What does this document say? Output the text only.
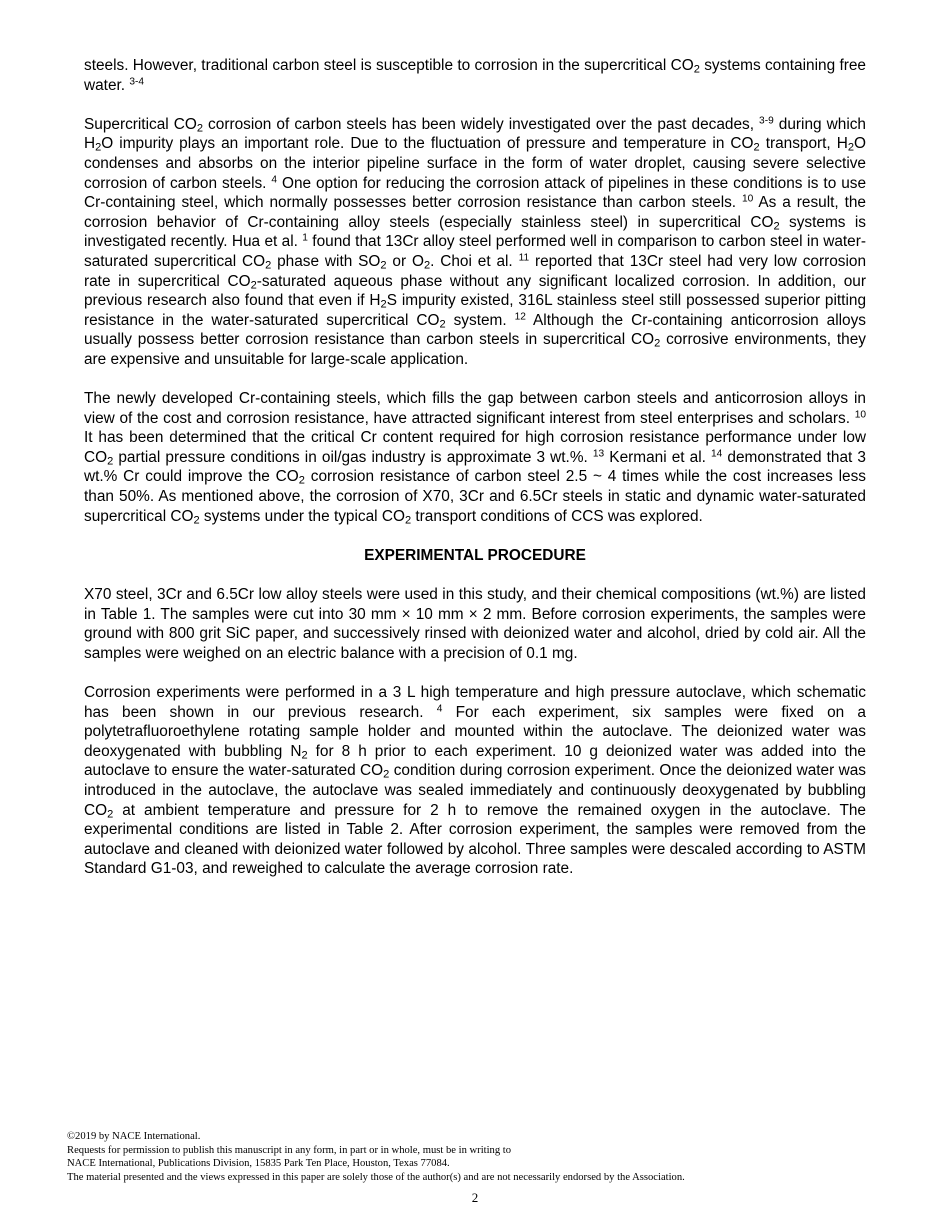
steels. However, traditional carbon steel is susceptible to corrosion in the supercritical $CO_2$ systems containing free water. $^{3-4}$

Supercritical $CO_2$ corrosion of carbon steels has been widely investigated over the past decades, $^{3-9}$ during which $H_2O$ impurity plays an important role. Due to the fluctuation of pressure and temperature in $CO_2$ transport, $H_2O$ condenses and absorbs on the interior pipeline surface in the form of water droplet, causing severe selective corrosion of carbon steels. $^4$ One option for reducing the corrosion attack of pipelines in these conditions is to use Cr-containing steel, which normally possesses better corrosion resistance than carbon steels. $^{10}$ As a result, the corrosion behavior of Cr-containing alloy steels (especially stainless steel) in supercritical $CO_2$ systems is investigated recently. Hua et al. $^1$ found that 13Cr alloy steel performed well in comparison to carbon steel in water-saturated supercritical $CO_2$ phase with $SO_2$ or $O_2$. Choi et al. $^{11}$ reported that 13Cr steel had very low corrosion rate in supercritical $CO_2$-saturated aqueous phase without any significant localized corrosion. In addition, our previous research also found that even if $H_2S$ impurity existed, 316L stainless steel still possessed superior pitting resistance in the water-saturated supercritical $CO_2$ system. $^{12}$ Although the Cr-containing anticorrosion alloys usually possess better corrosion resistance than carbon steels in supercritical $CO_2$ corrosive environments, they are expensive and unsuitable for large-scale application.

The newly developed Cr-containing steels, which fills the gap between carbon steels and anticorrosion alloys in view of the cost and corrosion resistance, have attracted significant interest from steel enterprises and scholars. $^{10}$ It has been determined that the critical Cr content required for high corrosion resistance performance under low $CO_2$ partial pressure conditions in oil/gas industry is approximate 3 wt.%. $^{13}$ Kermani et al. $^{14}$ demonstrated that 3 wt.% Cr could improve the $CO_2$ corrosion resistance of carbon steel 2.5 ~ 4 times while the cost increases less than 50%. As mentioned above, the corrosion of X70, 3Cr and 6.5Cr steels in static and dynamic water-saturated supercritical $CO_2$ systems under the typical $CO_2$ transport conditions of CCS was explored.

EXPERIMENTAL PROCEDURE

X70 steel, 3Cr and 6.5Cr low alloy steels were used in this study, and their chemical compositions (wt.%) are listed in Table 1. The samples were cut into 30 mm × 10 mm × 2 mm. Before corrosion experiments, the samples were ground with 800 grit SiC paper, and successively rinsed with deionized water and alcohol, dried by cold air. All the samples were weighed on an electric balance with a precision of 0.1 mg.

Corrosion experiments were performed in a 3 L high temperature and high pressure autoclave, which schematic has been shown in our previous research. $^4$ For each experiment, six samples were fixed on a polytetrafluoroethylene rotating sample holder and mounted within the autoclave. The deionized water was deoxygenated with bubbling $N_2$ for 8 h prior to each experiment. 10 g deionized water was added into the autoclave to ensure the water-saturated $CO_2$ condition during corrosion experiment. Once the deionized water was introduced in the autoclave, the autoclave was sealed immediately and continuously deoxygenated by bubbling $CO_2$ at ambient temperature and pressure for 2 h to remove the remained oxygen in the autoclave. The experimental conditions are listed in Table 2. After corrosion experiment, the samples were removed from the autoclave and cleaned with deionized water followed by alcohol. Three samples were descaled according to ASTM Standard G1-03, and reweighed to calculate the average corrosion rate.

©2019 by NACE International.
Requests for permission to publish this manuscript in any form, in part or in whole, must be in writing to
NACE International, Publications Division, 15835 Park Ten Place, Houston, Texas 77084.
The material presented and the views expressed in this paper are solely those of the author(s) and are not necessarily endorsed by the Association.
2
